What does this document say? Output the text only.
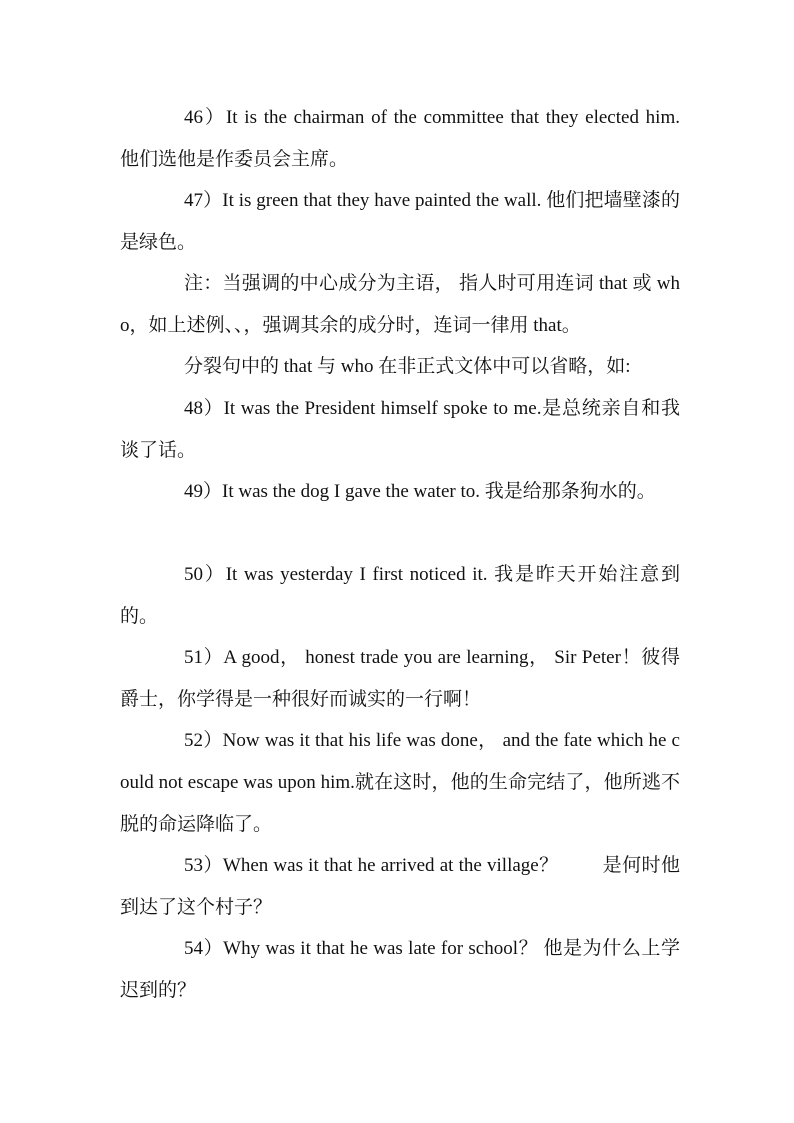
46）It is the chairman of the committee that they elected him.　　 他们选他是作委员会主席。

47）It is green that they have painted the wall. 他们把墙壁漆的是绿色。

注：当强调的中心成分为主语， 指人时可用连词 that 或 who，如上述例、、，强调其余的成分时，连词一律用 that。

分裂句中的 that 与 who 在非正式文体中可以省略，如:

48）It was the President himself spoke to me.是总统亲自和我谈了话。

49）It was the dog I gave the water to. 我是给那条狗水的。

50）It was yesterday I first noticed it. 我是昨天开始注意到的。

51）A good， honest trade you are learning， Sir Peter！彼得爵士，你学得是一种很好而诚实的一行啊！

52）Now was it that his life was done， and the fate which he could not escape was upon him.就在这时，他的生命完结了，他所逃不脱的命运降临了。

53）When was it that he arrived at the village？　　 是何时他到达了这个村子？

54）Why was it that he was late for school？ 他是为什么上学迟到的？
